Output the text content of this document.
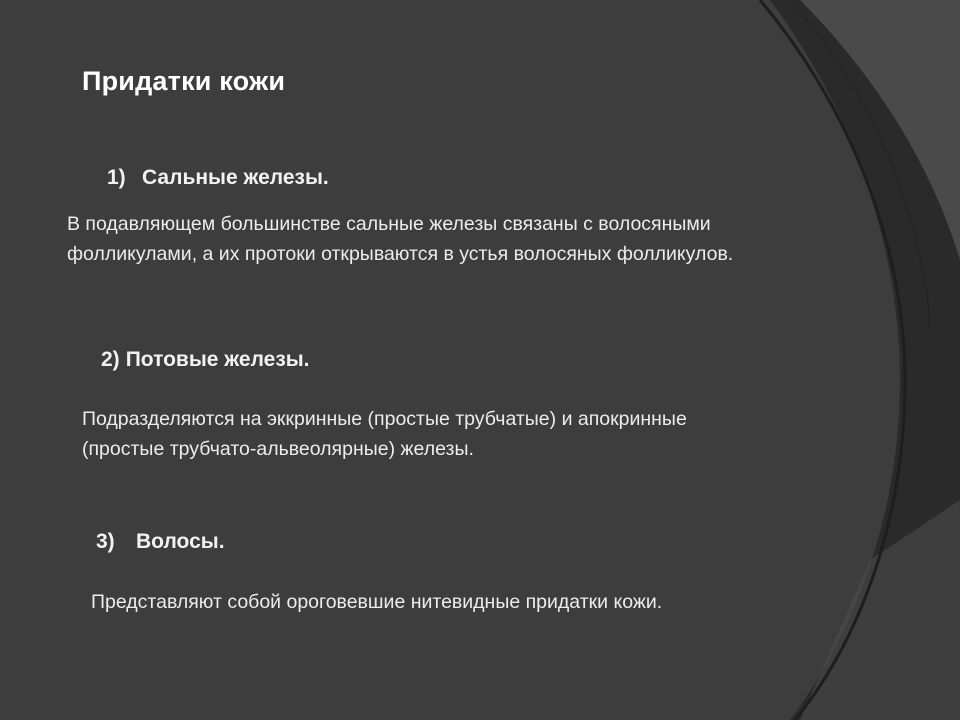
Придатки кожи
1) Сальные железы.
В подавляющем большинстве сальные железы связаны с волосяными
фолликулами, а их протоки открываются в устья волосяных фолликулов.
2) Потовые железы.
Подразделяются на эккринные (простые трубчатые) и апокринные
(простые трубчато-альвеолярные) железы.
3) Волосы.
Представляют собой ороговевшие нитевидные придатки кожи.
